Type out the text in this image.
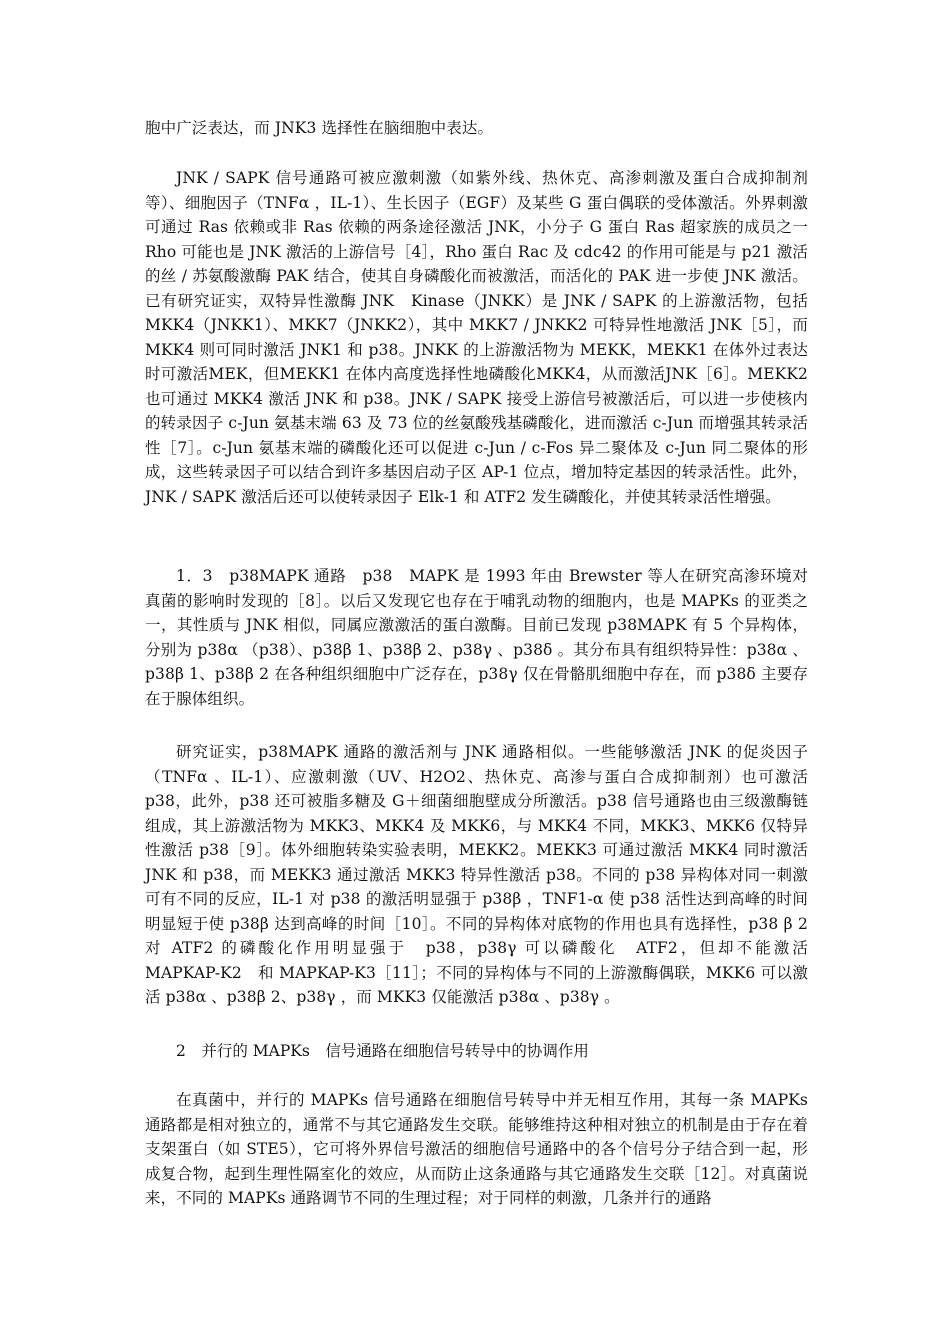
胞中广泛表达，而 JNK3 选择性在脑细胞中表达。

JNK / SAPK 信号通路可被应激刺激（如紫外线、热休克、高渗刺激及蛋白合成抑制剂等）、细胞因子（TNFα ，IL-1）、生长因子（EGF）及某些 G 蛋白偶联的受体激活。外界刺激可通过 Ras 依赖或非 Ras 依赖的两条途径激活 JNK，小分子 G 蛋白 Ras 超家族的成员之一 Rho 可能也是 JNK 激活的上游信号［4］，Rho 蛋白 Rac 及 cdc42 的作用可能是与 p21 激活的丝 / 苏氨酸激酶 PAK 结合，使其自身磷酸化而被激活，而活化的 PAK 进一步使 JNK 激活。已有研究证实，双特异性激酶 JNK　Kinase（JNKK）是 JNK / SAPK 的上游激活物，包括 MKK4（JNKK1）、MKK7（JNKK2），其中 MKK7 / JNKK2 可特异性地激活 JNK［5］，而 MKK4 则可同时激活 JNK1 和 p38。JNKK 的上游激活物为 MEKK，MEKK1 在体外过表达时可激活MEK，但MEKK1 在体内高度选择性地磷酸化MKK4，从而激活JNK［6］。MEKK2 也可通过 MKK4 激活 JNK 和 p38。JNK / SAPK 接受上游信号被激活后，可以进一步使核内的转录因子 c-Jun 氨基末端 63 及 73 位的丝氨酸残基磷酸化，进而激活 c-Jun 而增强其转录活性［7］。c-Jun 氨基末端的磷酸化还可以促进 c-Jun / c-Fos 异二聚体及 c-Jun 同二聚体的形成，这些转录因子可以结合到许多基因启动子区 AP-1 位点，增加特定基因的转录活性。此外，JNK / SAPK 激活后还可以使转录因子 Elk-1 和 ATF2 发生磷酸化，并使其转录活性增强。

1．3　p38MAPK 通路　p38　MAPK 是 1993 年由 Brewster 等人在研究高渗环境对真菌的影响时发现的［8］。以后又发现它也存在于哺乳动物的细胞内，也是 MAPKs 的亚类之一，其性质与 JNK 相似，同属应激激活的蛋白激酶。目前已发现 p38MAPK 有 5 个异构体，分别为 p38α （p38）、p38β 1、p38β 2、p38γ 、p38δ 。其分布具有组织特异性：p38α 、p38β 1、p38β 2 在各种组织细胞中广泛存在，p38γ 仅在骨骼肌细胞中存在，而 p38δ 主要存在于腺体组织。

研究证实，p38MAPK 通路的激活剂与 JNK 通路相似。一些能够激活 JNK 的促炎因子（TNFα 、IL-1）、应激刺激（UV、H2O2、热休克、高渗与蛋白合成抑制剂）也可激活 p38，此外，p38 还可被脂多糖及 G＋细菌细胞壁成分所激活。p38 信号通路也由三级激酶链组成，其上游激活物为 MKK3、MKK4 及 MKK6，与 MKK4 不同，MKK3、MKK6 仅特异性激活 p38［9］。体外细胞转染实验表明，MEKK2。MEKK3 可通过激活 MKK4 同时激活 JNK 和 p38，而 MEKK3 通过激活 MKK3 特异性激活 p38。不同的 p38 异构体对同一刺激可有不同的反应，IL-1 对 p38 的激活明显强于 p38β ，TNF1-α 使 p38 活性达到高峰的时间明显短于使 p38β 达到高峰的时间［10］。不同的异构体对底物的作用也具有选择性，p38 β 2 对 ATF2 的磷酸化作用明显强于　p38，p38γ 可以磷酸化　ATF2，但却不能激活　MAPKAP-K2　和 MAPKAP-K3［11］；不同的异构体与不同的上游激酶偶联，MKK6 可以激活 p38α 、p38β 2、p38γ ，而 MKK3 仅能激活 p38α 、p38γ 。

2　并行的 MAPKs　信号通路在细胞信号转导中的协调作用

在真菌中，并行的 MAPKs 信号通路在细胞信号转导中并无相互作用，其每一条 MAPKs 通路都是相对独立的，通常不与其它通路发生交联。能够维持这种相对独立的机制是由于存在着支架蛋白（如 STE5），它可将外界信号激活的细胞信号通路中的各个信号分子结合到一起，形成复合物，起到生理性隔室化的效应，从而防止这条通路与其它通路发生交联［12］。对真菌说来，不同的 MAPKs 通路调节不同的生理过程；对于同样的刺激，几条并行的通路
